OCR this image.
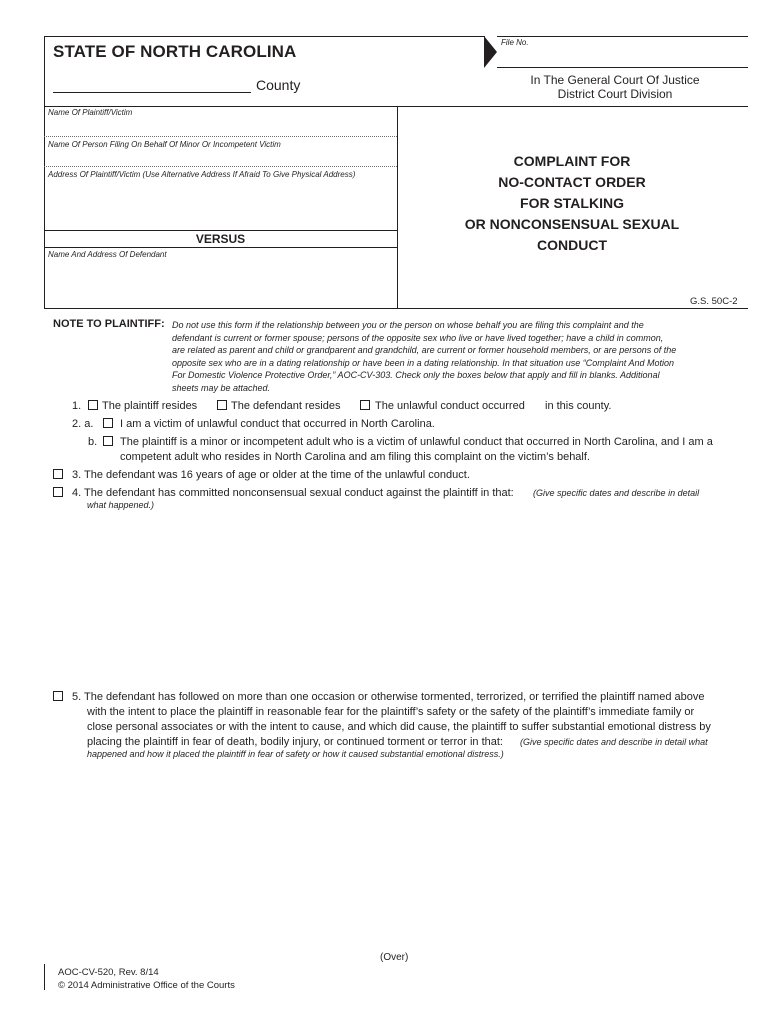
File No.
STATE OF NORTH CAROLINA
County	In The General Court Of Justice
District Court Division
Name Of Plaintiff/Victim
Name Of Person Filing On Behalf Of Minor Or Incompetent Victim
Address Of Plaintiff/Victim (Use Alternative Address If Afraid To Give Physical Address)
VERSUS
Name And Address Of Defendant
COMPLAINT FOR
NO-CONTACT ORDER
FOR STALKING
OR NONCONSENSUAL SEXUAL
CONDUCT
G.S. 50C-2
NOTE TO PLAINTIFF: Do not use this form if the relationship between you or the person on whose behalf you are filing this complaint and the
defendant is current or former spouse; persons of the opposite sex who live or have lived together; have a child in common,
are related as parent and child or grandparent and grandchild, are current or former household members, or are persons of the
opposite sex who are in a dating relationship or have been in a dating relationship. In that situation use “Complaint And Motion
For Domestic Violence Protective Order,” AOC-CV-303. Check only the boxes below that apply and fill in blanks. Additional
sheets may be attached.
1. The plaintiff resides	The defendant resides	The unlawful conduct occurred in this county.
2. a. I am a victim of unlawful conduct that occurred in North Carolina.
b. The plaintiff is a minor or incompetent adult who is a victim of unlawful conduct that occurred in North Carolina, and I am a
competent adult who resides in North Carolina and am filing this complaint on the victim’s behalf.
3. The defendant was 16 years of age or older at the time of the unlawful conduct.
4. The defendant has committed nonconsensual sexual conduct against the plaintiff in that: (Give specific dates and describe in detail
what happened.)
5. The defendant has followed on more than one occasion or otherwise tormented, terrorized, or terrified the plaintiff named above
with the intent to place the plaintiff in reasonable fear for the plaintiff’s safety or the safety of the plaintiff’s immediate family or
close personal associates or with the intent to cause, and which did cause, the plaintiff to suffer substantial emotional distress by
placing the plaintiff in fear of death, bodily injury, or continued torment or terror in that: (Give specific dates and describe in detail what
happened and how it placed the plaintiff in fear of safety or how it caused substantial emotional distress.)
(Over)
AOC-CV-520, Rev. 8/14
© 2014 Administrative Office of the Courts
